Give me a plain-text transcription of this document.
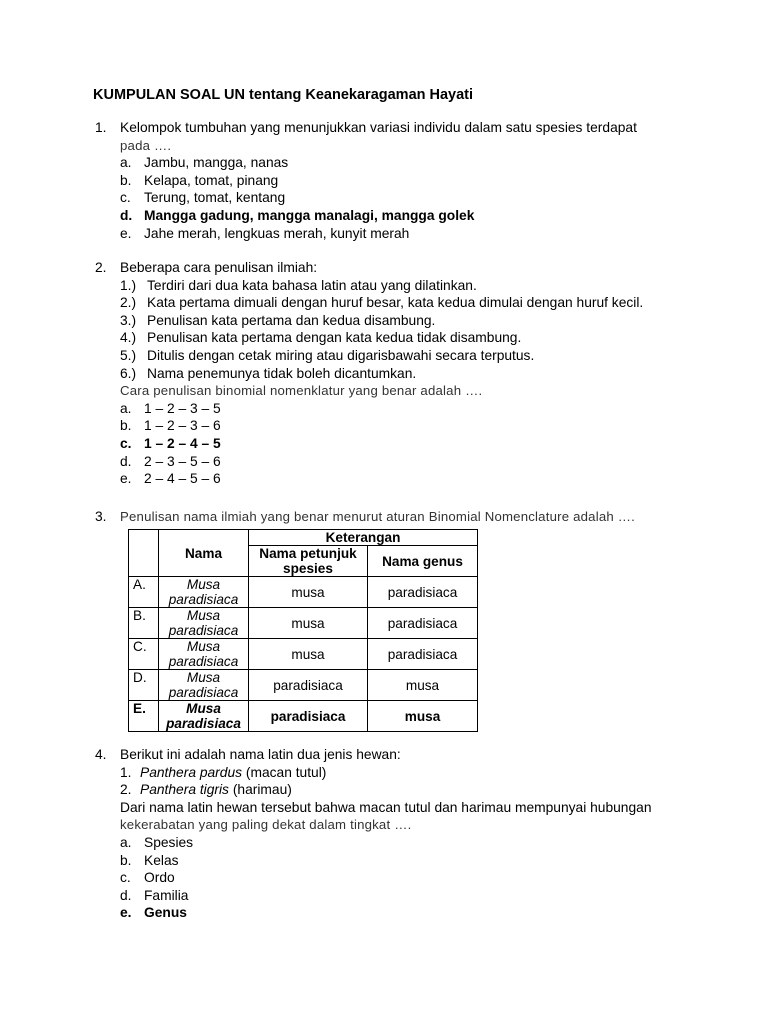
KUMPULAN SOAL UN tentang Keanekaragaman Hayati
1. Kelompok tumbuhan yang menunjukkan variasi individu dalam satu spesies terdapat
pada ….
a. Jambu, mangga, nanas
b. Kelapa, tomat, pinang
c. Terung, tomat, kentang
d. Mangga gadung, mangga manalagi, mangga golek
e. Jahe merah, lengkuas merah, kunyit merah
2. Beberapa cara penulisan ilmiah:
1.) Terdiri dari dua kata bahasa latin atau yang dilatinkan.
2.) Kata pertama dimuali dengan huruf besar, kata kedua dimulai dengan huruf kecil.
3.) Penulisan kata pertama dan kedua disambung.
4.) Penulisan kata pertama dengan kata kedua tidak disambung.
5.) Ditulis dengan cetak miring atau digarisbawahi secara terputus.
6.) Nama penemunya tidak boleh dicantumkan.
Cara penulisan binomial nomenklatur yang benar adalah ….
a. 1 – 2 – 3 – 5
b. 1 – 2 – 3 – 6
c. 1 – 2 – 4 – 5
d. 2 – 3 – 5 – 6
e. 2 – 4 – 5 – 6
3. Penulisan nama ilmiah yang benar menurut aturan Binomial Nomenclature adalah ….
	Nama	Keterangan	
		Nama petunjuk spesies	Nama genus
A.	Musa paradisiaca	musa	paradisiaca
B.	Musa paradisiaca	musa	paradisiaca
C.	Musa paradisiaca	musa	paradisiaca
D.	Musa paradisiaca	paradisiaca	musa
E.	Musa paradisiaca	paradisiaca	musa
4. Berikut ini adalah nama latin dua jenis hewan:
1. Panthera pardus (macan tutul)
2. Panthera tigris (harimau)
Dari nama latin hewan tersebut bahwa macan tutul dan harimau mempunyai hubungan
kekerabatan yang paling dekat dalam tingkat ….
a. Spesies
b. Kelas
c. Ordo
d. Familia
e. Genus
